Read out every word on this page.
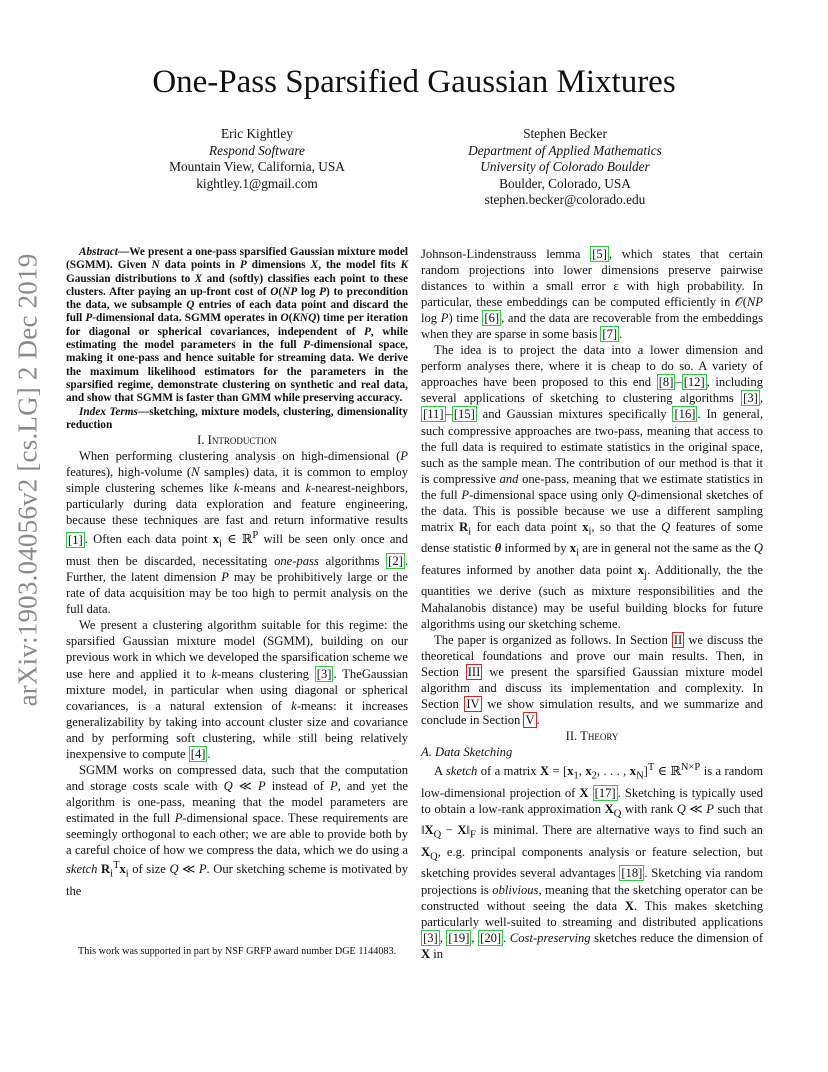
arXiv:1903.04056v2 [cs.LG] 2 Dec 2019
One-Pass Sparsified Gaussian Mixtures
Eric Kightley
Respond Software
Mountain View, California, USA
kightley.1@gmail.com
Stephen Becker
Department of Applied Mathematics
University of Colorado Boulder
Boulder, Colorado, USA
stephen.becker@colorado.edu

Abstract—We present a one-pass sparsified Gaussian mixture model (SGMM). Given N data points in P dimensions X, the model fits K Gaussian distributions to X and (softly) classifies each point to these clusters. After paying an up-front cost of O(NP log P) to precondition the data, we subsample Q entries of each data point and discard the full P-dimensional data. SGMM operates in O(KNQ) time per iteration for diagonal or spherical covariances, independent of P, while estimating the model parameters in the full P-dimensional space, making it one-pass and hence suitable for streaming data. We derive the maximum likelihood estimators for the parameters in the sparsified regime, demonstrate clustering on synthetic and real data, and show that SGMM is faster than GMM while preserving accuracy.

Index Terms—sketching, mixture models, clustering, dimensionality reduction

I. Introduction

When performing clustering analysis on high-dimensional (P features), high-volume (N samples) data, it is common to employ simple clustering schemes like k-means and k-nearest-neighbors, particularly during data exploration and feature engineering, because these techniques are fast and return informative results [1] . Often each data point $x_i$ ∈ ℝ$^P$ will be seen only once and must then be discarded, necessitating one-pass algorithms [2] . Further, the latent dimension P may be prohibitively large or the rate of data acquisition may be too high to permit analysis on the full data.

We present a clustering algorithm suitable for this regime: the sparsified Gaussian mixture model (SGMM), building on our previous work in which we developed the sparsification scheme we use here and applied it to k-means clustering [3] . TheGaussian mixture model, in particular when using diagonal or spherical covariances, is a natural extension of k-means: it increases generalizability by taking into account cluster size and covariance and by performing soft clustering, while still being relatively inexpensive to compute [4] .

SGMM works on compressed data, such that the computation and storage costs scale with Q ≪ P instead of P, and yet the algorithm is one-pass, meaning that the model parameters are estimated in the full P-dimensional space. These requirements are seemingly orthogonal to each other; we are able to provide both by a careful choice of how we compress the data, which we do using a sketch $R_i^Tx_i$ of size Q ≪ P. Our sketching scheme is motivated by the

This work was supported in part by NSF GRFP award number DGE 1144083.

Johnson-Lindenstrauss lemma [5] , which states that certain random projections into lower dimensions preserve pairwise distances to within a small error ε with high probability. In particular, these embeddings can be computed efficiently in 𝒪(NP log P) time [6] , and the data are recoverable from the embeddings when they are sparse in some basis [7] .

The idea is to project the data into a lower dimension and perform analyses there, where it is cheap to do so. A variety of approaches have been proposed to this end [8] – [12] , including several applications of sketching to clustering algorithms [3] , [11] – [15] and Gaussian mixtures specifically [16] . In general, such compressive approaches are two-pass, meaning that access to the full data is required to estimate statistics in the original space, such as the sample mean. The contribution of our method is that it is compressive and one-pass, meaning that we estimate statistics in the full P-dimensional space using only Q-dimensional sketches of the data. This is possible because we use a different sampling matrix $R_i$ for each data point $x_i$, so that the Q features of some dense statistic θ informed by $x_i$ are in general not the same as the Q features informed by another data point $x_j$. Additionally, the the quantities we derive (such as mixture responsibilities and the Mahalanobis distance) may be useful building blocks for future algorithms using our sketching scheme.

The paper is organized as follows. In Section II we discuss the theoretical foundations and prove our main results. Then, in Section III we present the sparsified Gaussian mixture model algorithm and discuss its implementation and complexity. In Section IV we show simulation results, and we summarize and conclude in Section V .

II. Theory

A. Data Sketching

A sketch of a matrix $X = [x_1$, $x_2$, . . . , $x_N]^T$ ∈ ℝ$^{N\times P}$ is a random low-dimensional projection of X [17] . Sketching is typically used to obtain a low-rank approximation $X_Q$ with rank Q ≪ P such that $‖X_Q$ − $X‖_F$ is minimal. There are alternative ways to find such an $X_Q$, e.g. principal components analysis or feature selection, but sketching provides several advantages [18] . Sketching via random projections is oblivious, meaning that the sketching operator can be constructed without seeing the data X. This makes sketching particularly well-suited to streaming and distributed applications [3] , [19] , [20] . Cost-preserving sketches reduce the dimension of X in
